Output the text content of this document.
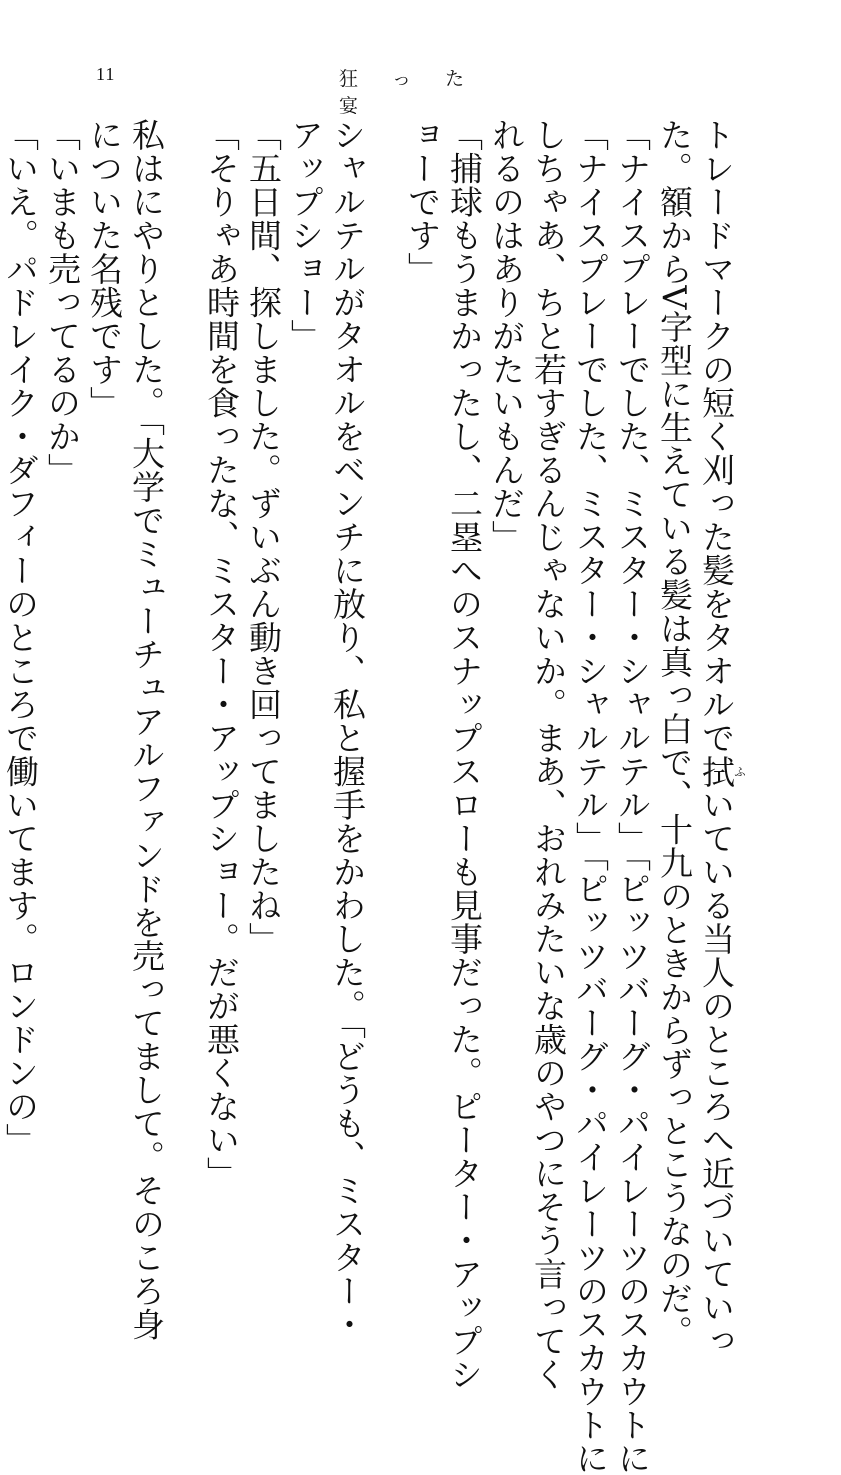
11	狂 っ た 宴
トレードマークの短く刈った髪をタオルで拭ふいている当人のところへ近づいていっ
た。額からV字型に生えている髪は真っ白で、十九のときからずっとこうなのだ。
「ナイスプレーでした、ミスター・シャルテル」「ピッツバーグ・パイレーツのスカウトに
「ナイスプレーでした、ミスター・シャルテル」「ピッツバーグ・パイレーツのスカウトに
しちゃあ、ちと若すぎるんじゃないか。まあ、おれみたいな歳のやつにそう言ってく
れるのはありがたいもんだ」
「捕球もうまかったし、二塁へのスナップスローも見事だった。ピーター・アップシ
ョーです」
シャルテルがタオルをベンチに放り、私と握手をかわした。「どうも、ミスター・
アップショー」
「五日間、探しました。ずいぶん動き回ってましたね」
「そりゃあ時間を食ったな、ミスター・アップショー。だが悪くない」
私はにやりとした。「大学でミューチュアルファンドを売ってまして。そのころ身
についた名残です」
「いまも売ってるのか」
「いえ。パドレイク・ダフィーのところで働いてます。ロンドンの」
